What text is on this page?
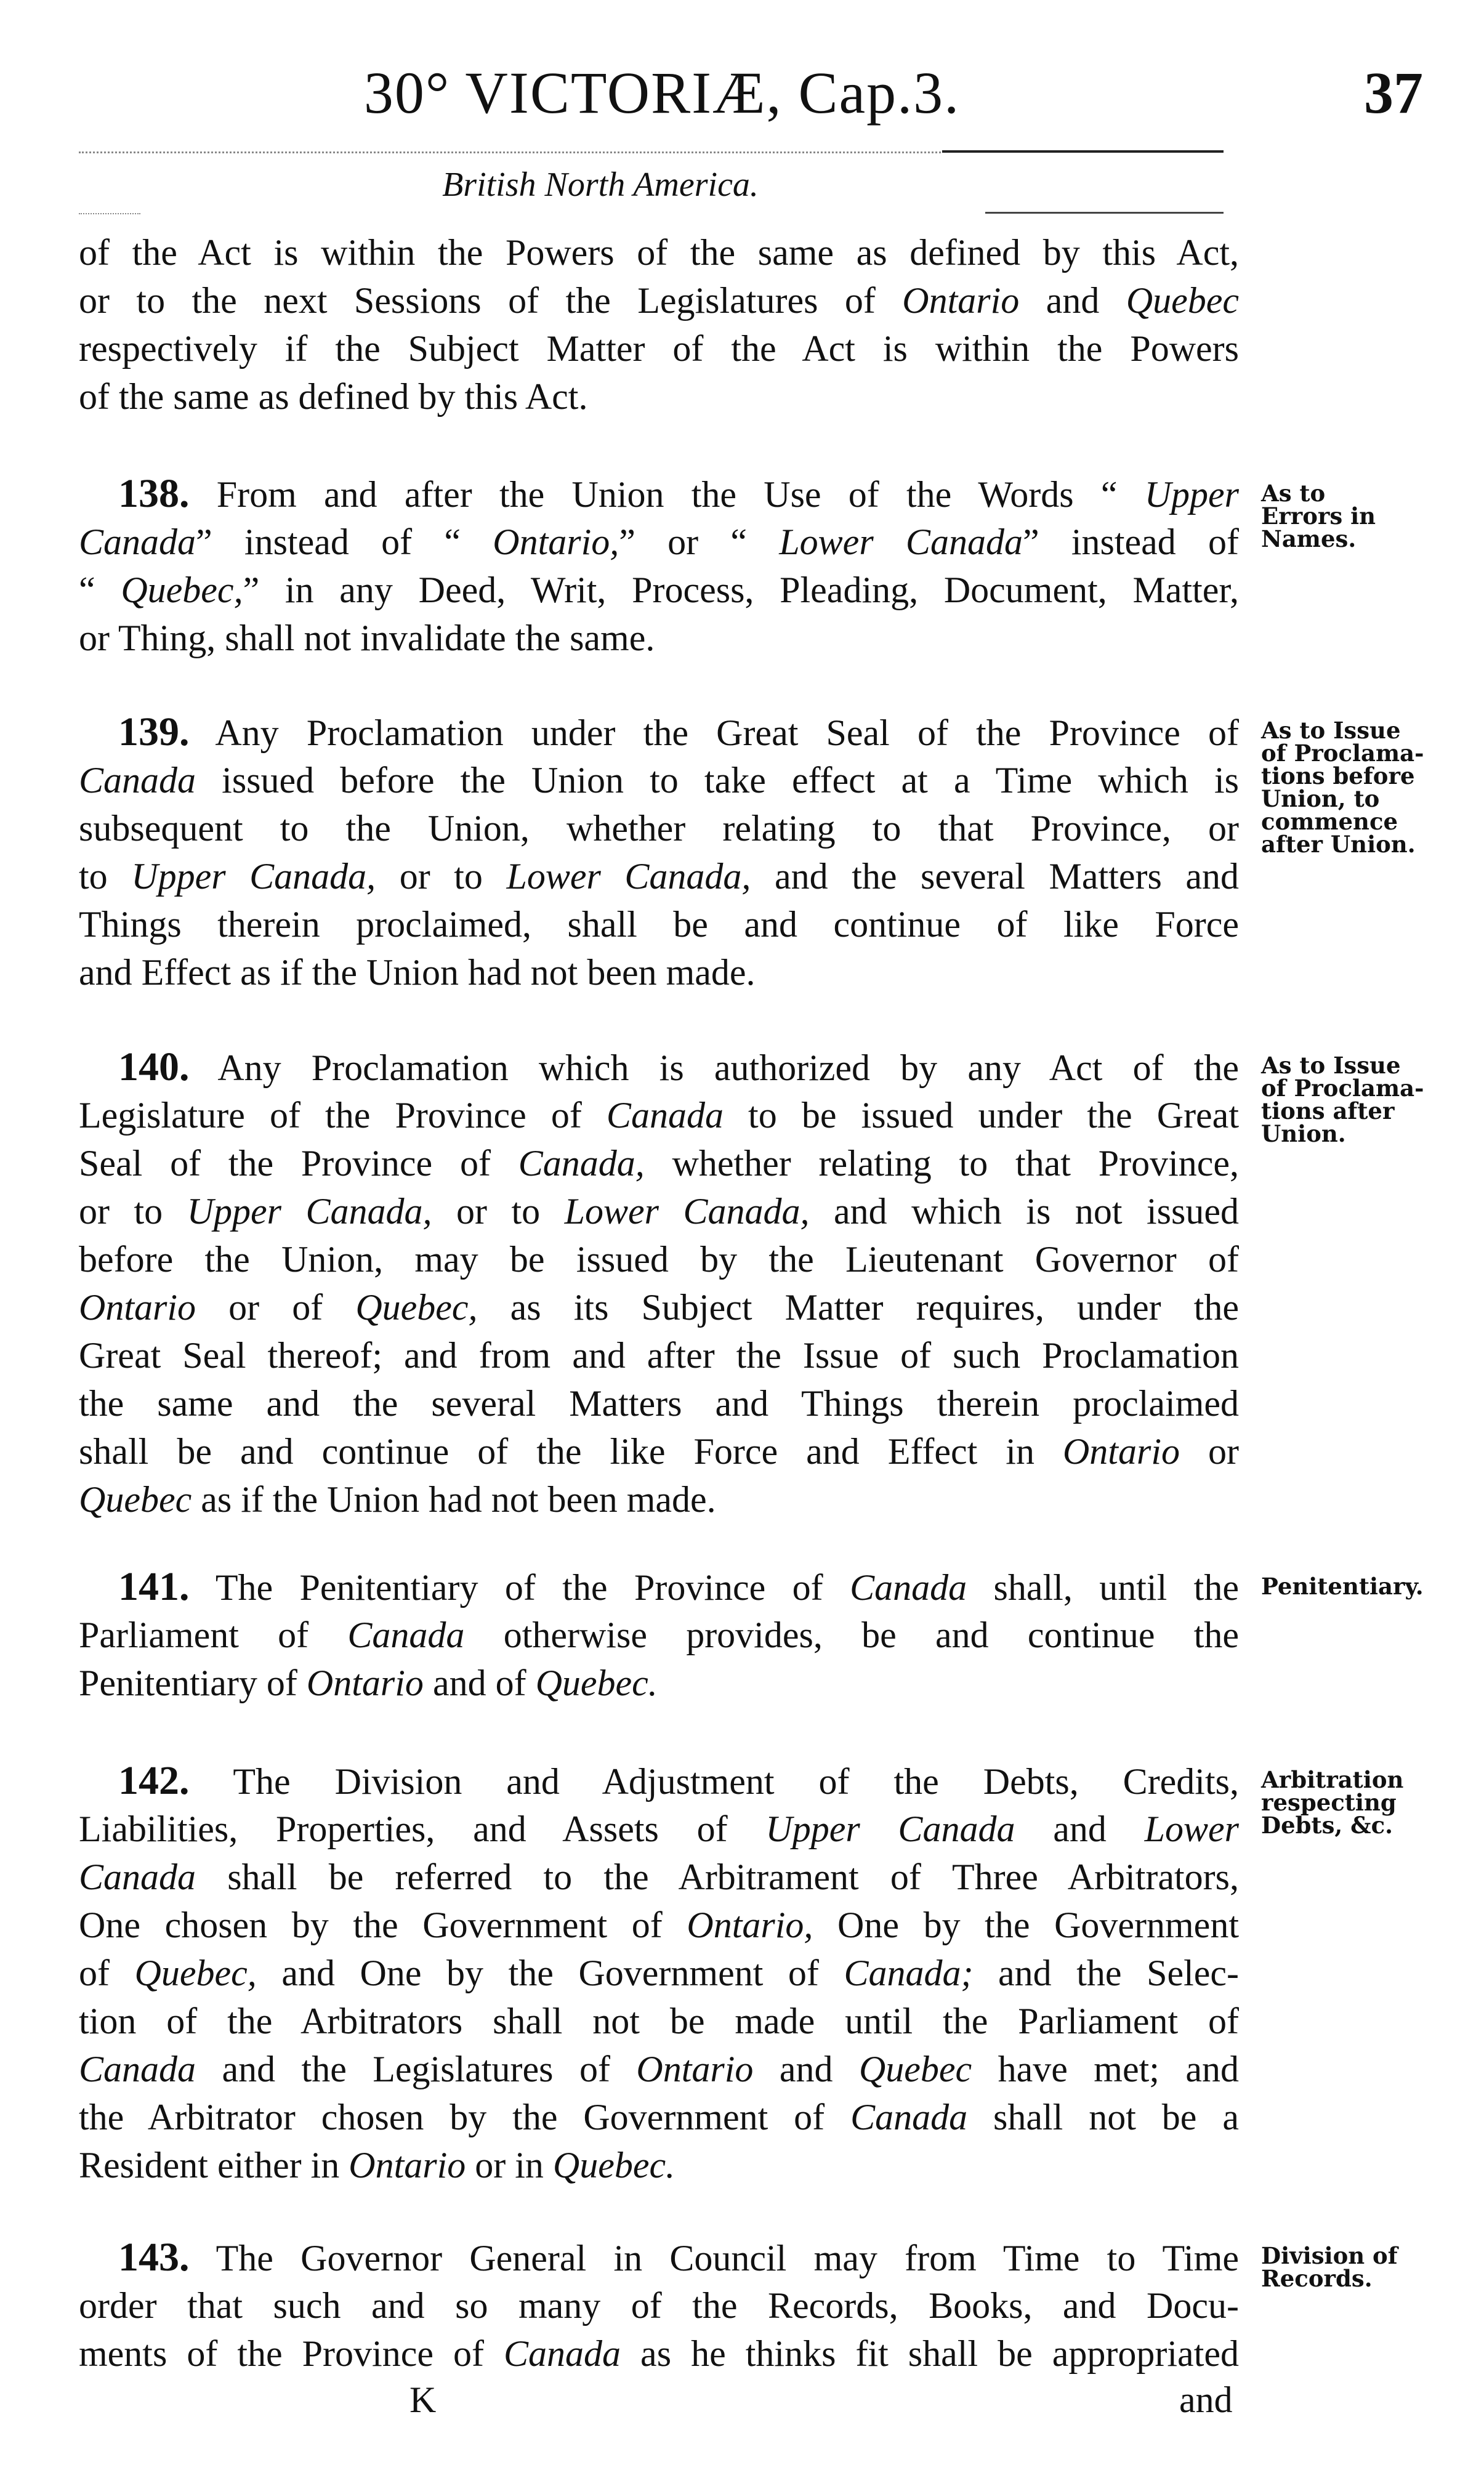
30° VICTORIÆ, Cap.3.	37
British North America.
of the Act is within the Powers of the same as defined by this Act,
or to the next Sessions of the Legislatures of Ontario and Quebec
respectively if the Subject Matter of the Act is within the Powers
of the same as defined by this Act.
138. From and after the Union the Use of the Words “ Upper
Canada” instead of “ Ontario,” or “ Lower Canada” instead of
“ Quebec,” in any Deed, Writ, Process, Pleading, Document, Matter,
or Thing, shall not invalidate the same.
As to
Errors in
Names.
139. Any Proclamation under the Great Seal of the Province of
Canada issued before the Union to take effect at a Time which is
subsequent to the Union, whether relating to that Province, or
to Upper Canada, or to Lower Canada, and the several Matters and
Things therein proclaimed, shall be and continue of like Force
and Effect as if the Union had not been made.
As to Issue
of Proclama-
tions before
Union, to
commence
after Union.
140. Any Proclamation which is authorized by any Act of the
Legislature of the Province of Canada to be issued under the Great
Seal of the Province of Canada, whether relating to that Province,
or to Upper Canada, or to Lower Canada, and which is not issued
before the Union, may be issued by the Lieutenant Governor of
Ontario or of Quebec, as its Subject Matter requires, under the
Great Seal thereof; and from and after the Issue of such Proclamation
the same and the several Matters and Things therein proclaimed
shall be and continue of the like Force and Effect in Ontario or
Quebec as if the Union had not been made.
As to Issue
of Proclama-
tions after
Union.
141. The Penitentiary of the Province of Canada shall, until the
Parliament of Canada otherwise provides, be and continue the
Penitentiary of Ontario and of Quebec.
Penitentiary.
142. The Division and Adjustment of the Debts, Credits,
Liabilities, Properties, and Assets of Upper Canada and Lower
Canada shall be referred to the Arbitrament of Three Arbitrators,
One chosen by the Government of Ontario, One by the Government
of Quebec, and One by the Government of Canada; and the Selec-
tion of the Arbitrators shall not be made until the Parliament of
Canada and the Legislatures of Ontario and Quebec have met; and
the Arbitrator chosen by the Government of Canada shall not be a
Resident either in Ontario or in Quebec.
Arbitration
respecting
Debts, &c.
143. The Governor General in Council may from Time to Time
order that such and so many of the Records, Books, and Docu-
ments of the Province of Canada as he thinks fit shall be appropriated
Division of
Records.
K	and
